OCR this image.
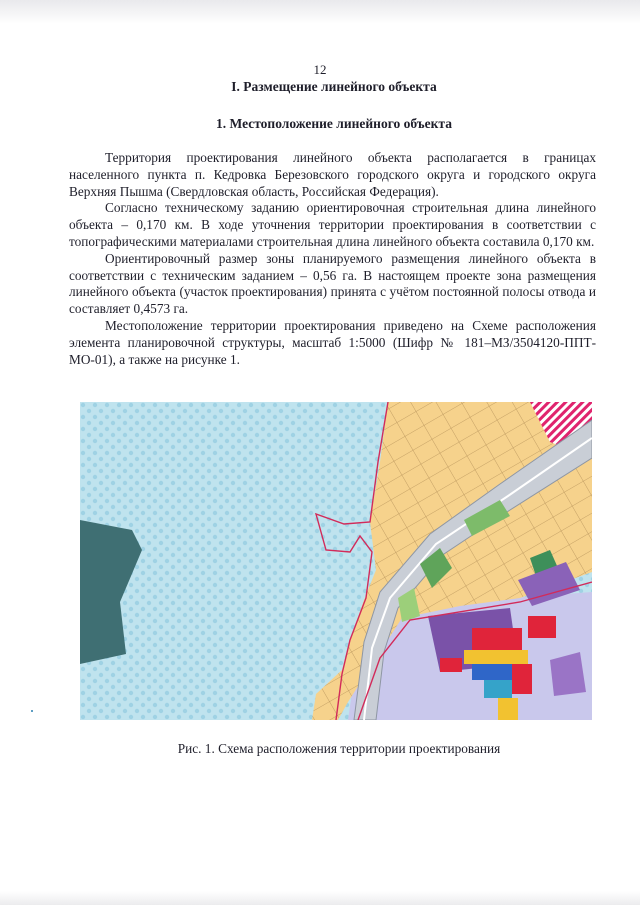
12
I. Размещение линейного объекта
1. Местоположение линейного объекта

Территория проектирования линейного объекта располагается в границах населенного пункта п. Кедровка Березовского городского округа и городского округа Верхняя Пышма (Свердловская область, Российская Федерация).

Согласно техническому заданию ориентировочная строительная длина линейного объекта – 0,170 км. В ходе уточнения территории проектирования в соответствии с топографическими материалами строительная длина линейного объекта составила 0,170 км.

Ориентировочный размер зоны планируемого размещения линейного объекта в соответствии с техническим заданием – 0,56 га. В настоящем проекте зона размещения линейного объекта (участок проектирования) принята с учётом постоянной полосы отвода и составляет 0,4573 га.

Местоположение территории проектирования приведено на Схеме расположения элемента планировочной структуры, масштаб 1:5000 (Шифр № 181–МЗ/3504120-ППТ-МО-01), а также на рисунке 1.

Рис. 1. Схема расположения территории проектирования
